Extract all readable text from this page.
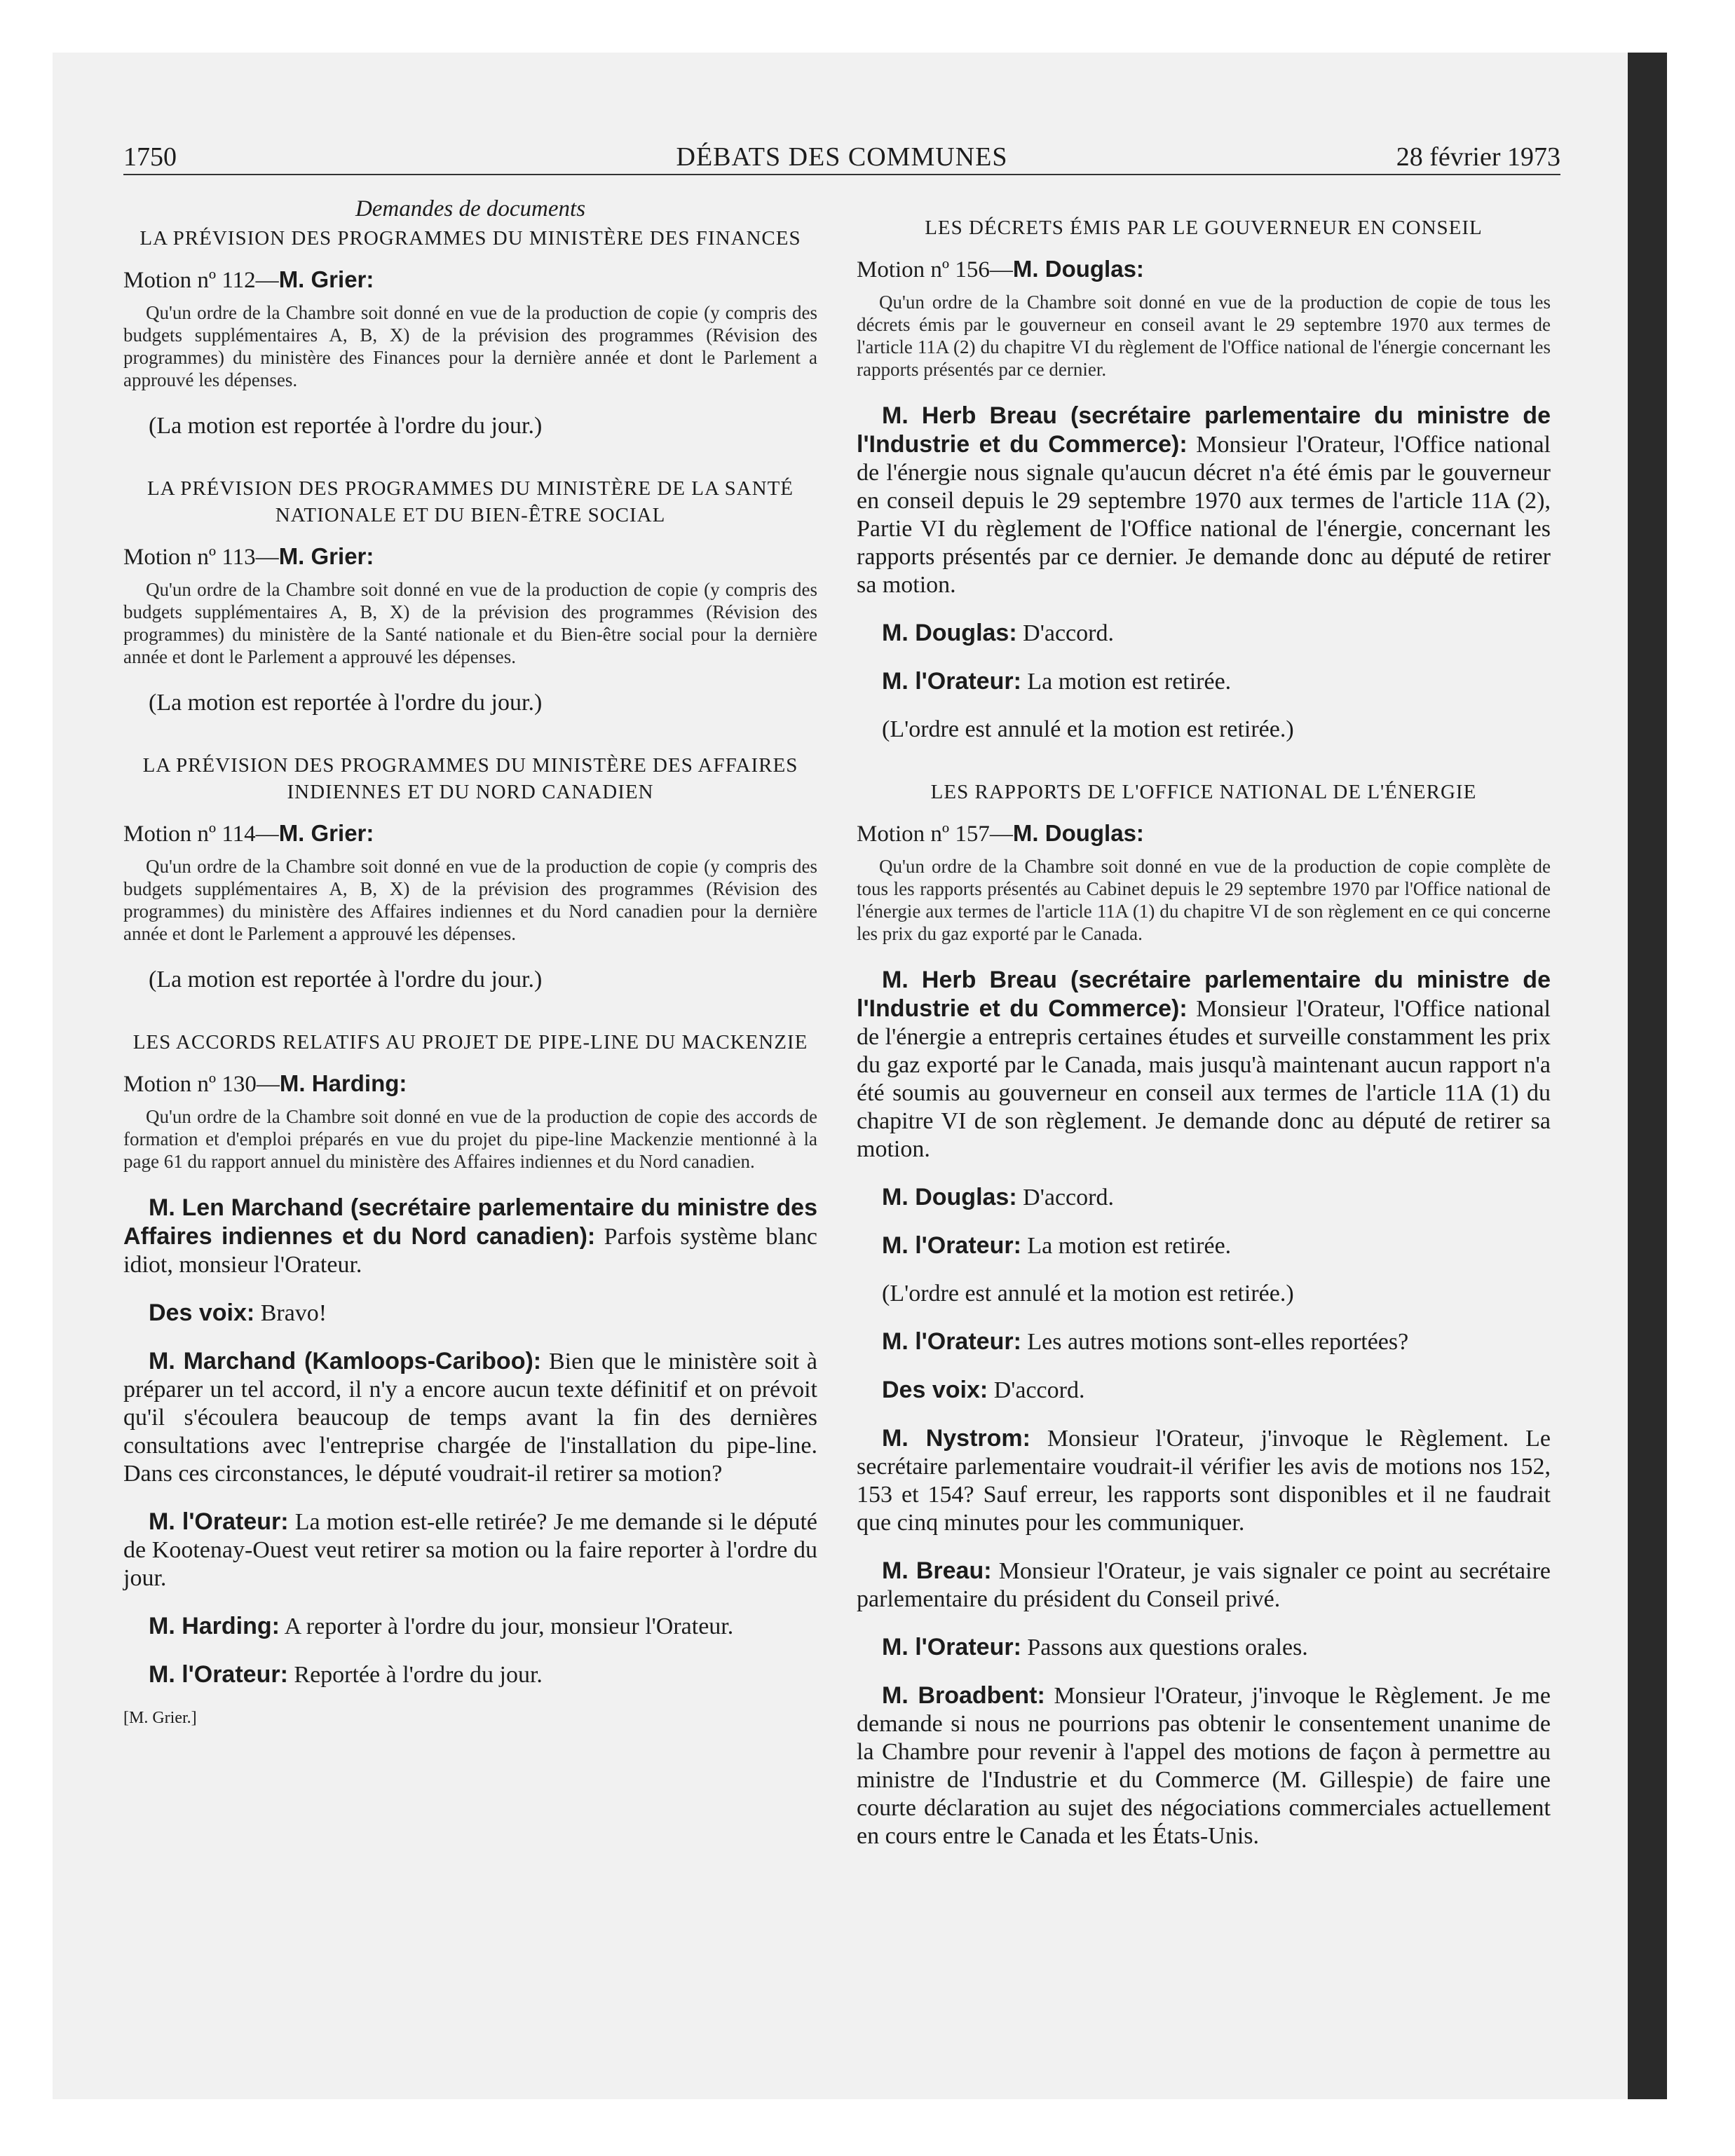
1750	DÉBATS DES COMMUNES	28 février 1973
Demandes de documents
LA PRÉVISION DES PROGRAMMES DU MINISTÈRE DES FINANCES
Motion nº 112—M. Grier:

Qu'un ordre de la Chambre soit donné en vue de la production de copie (y compris des budgets supplémentaires A, B, X) de la prévision des programmes (Révision des programmes) du ministère des Finances pour la dernière année et dont le Parlement a approuvé les dépenses.

(La motion est reportée à l'ordre du jour.)
LA PRÉVISION DES PROGRAMMES DU MINISTÈRE DE LA SANTÉ NATIONALE ET DU BIEN-ÊTRE SOCIAL
Motion nº 113—M. Grier:

Qu'un ordre de la Chambre soit donné en vue de la production de copie (y compris des budgets supplémentaires A, B, X) de la prévision des programmes (Révision des programmes) du ministère de la Santé nationale et du Bien-être social pour la dernière année et dont le Parlement a approuvé les dépenses.

(La motion est reportée à l'ordre du jour.)
LA PRÉVISION DES PROGRAMMES DU MINISTÈRE DES AFFAIRES INDIENNES ET DU NORD CANADIEN
Motion nº 114—M. Grier:

Qu'un ordre de la Chambre soit donné en vue de la production de copie (y compris des budgets supplémentaires A, B, X) de la prévision des programmes (Révision des programmes) du ministère des Affaires indiennes et du Nord canadien pour la dernière année et dont le Parlement a approuvé les dépenses.

(La motion est reportée à l'ordre du jour.)
LES ACCORDS RELATIFS AU PROJET DE PIPE-LINE DU MACKENZIE
Motion nº 130—M. Harding:

Qu'un ordre de la Chambre soit donné en vue de la production de copie des accords de formation et d'emploi préparés en vue du projet du pipe-line Mackenzie mentionné à la page 61 du rapport annuel du ministère des Affaires indiennes et du Nord canadien.

M. Len Marchand (secrétaire parlementaire du ministre des Affaires indiennes et du Nord canadien): Parfois système blanc idiot, monsieur l'Orateur.

Des voix: Bravo!

M. Marchand (Kamloops-Cariboo): Bien que le ministère soit à préparer un tel accord, il n'y a encore aucun texte définitif et on prévoit qu'il s'écoulera beaucoup de temps avant la fin des dernières consultations avec l'entreprise chargée de l'installation du pipe-line. Dans ces circonstances, le député voudrait-il retirer sa motion?

M. l'Orateur: La motion est-elle retirée? Je me demande si le député de Kootenay-Ouest veut retirer sa motion ou la faire reporter à l'ordre du jour.

M. Harding: A reporter à l'ordre du jour, monsieur l'Orateur.

M. l'Orateur: Reportée à l'ordre du jour.

[M. Grier.]
LES DÉCRETS ÉMIS PAR LE GOUVERNEUR EN CONSEIL
Motion nº 156—M. Douglas:

Qu'un ordre de la Chambre soit donné en vue de la production de copie de tous les décrets émis par le gouverneur en conseil avant le 29 septembre 1970 aux termes de l'article 11A (2) du chapitre VI du règlement de l'Office national de l'énergie concernant les rapports présentés par ce dernier.

M. Herb Breau (secrétaire parlementaire du ministre de l'Industrie et du Commerce): Monsieur l'Orateur, l'Office national de l'énergie nous signale qu'aucun décret n'a été émis par le gouverneur en conseil depuis le 29 septembre 1970 aux termes de l'article 11A (2), Partie VI du règlement de l'Office national de l'énergie, concernant les rapports présentés par ce dernier. Je demande donc au député de retirer sa motion.

M. Douglas: D'accord.

M. l'Orateur: La motion est retirée.

(L'ordre est annulé et la motion est retirée.)
LES RAPPORTS DE L'OFFICE NATIONAL DE L'ÉNERGIE
Motion nº 157—M. Douglas:

Qu'un ordre de la Chambre soit donné en vue de la production de copie complète de tous les rapports présentés au Cabinet depuis le 29 septembre 1970 par l'Office national de l'énergie aux termes de l'article 11A (1) du chapitre VI de son règlement en ce qui concerne les prix du gaz exporté par le Canada.

M. Herb Breau (secrétaire parlementaire du ministre de l'Industrie et du Commerce): Monsieur l'Orateur, l'Office national de l'énergie a entrepris certaines études et surveille constamment les prix du gaz exporté par le Canada, mais jusqu'à maintenant aucun rapport n'a été soumis au gouverneur en conseil aux termes de l'article 11A (1) du chapitre VI de son règlement. Je demande donc au député de retirer sa motion.

M. Douglas: D'accord.

M. l'Orateur: La motion est retirée.

(L'ordre est annulé et la motion est retirée.)

M. l'Orateur: Les autres motions sont-elles reportées?

Des voix: D'accord.

M. Nystrom: Monsieur l'Orateur, j'invoque le Règlement. Le secrétaire parlementaire voudrait-il vérifier les avis de motions nos 152, 153 et 154? Sauf erreur, les rapports sont disponibles et il ne faudrait que cinq minutes pour les communiquer.

M. Breau: Monsieur l'Orateur, je vais signaler ce point au secrétaire parlementaire du président du Conseil privé.

M. l'Orateur: Passons aux questions orales.

M. Broadbent: Monsieur l'Orateur, j'invoque le Règlement. Je me demande si nous ne pourrions pas obtenir le consentement unanime de la Chambre pour revenir à l'appel des motions de façon à permettre au ministre de l'Industrie et du Commerce (M. Gillespie) de faire une courte déclaration au sujet des négociations commerciales actuellement en cours entre le Canada et les États-Unis.
